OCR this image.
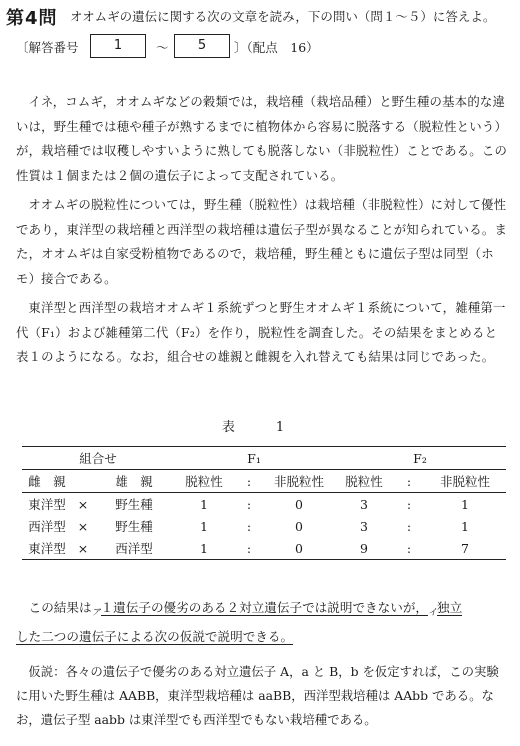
第4問 オオムギの遺伝に関する次の文章を読み，下の問い（問１～５）に答えよ。
〔解答番号	1	～	5	〕（配点　16）

イネ，コムギ，オオムギなどの穀類では，栽培種（栽培品種）と野生種の基本的な違いは，野生種では穂や種子が熟するまでに植物体から容易に脱落する（脱粒性という）が，栽培種では収穫しやすいように熟しても脱落しない（非脱粒性）ことである。この性質は１個または２個の遺伝子によって支配されている。

オオムギの脱粒性については，野生種（脱粒性）は栽培種（非脱粒性）に対して優性であり，東洋型の栽培種と西洋型の栽培種は遺伝子型が異なることが知られている。また，オオムギは自家受粉植物であるので，栽培種，野生種ともに遺伝子型は同型（ホモ）接合である。

東洋型と西洋型の栽培オオムギ１系統ずつと野生オオムギ１系統について，雑種第一代（F₁）および雑種第二代（F₂）を作り，脱粒性を調査した。その結果をまとめると表１のようになる。なお，組合せの雄親と雌親を入れ替えても結果は同じであった。

表　1
組合せ			F₁			F₂		
雌　親		雄　親	脱粒性	:	非脱粒性	脱粒性	:	非脱粒性
東洋型	×	野生種	1	:	0	3	:	1
西洋型	×	野生種	1	:	0	3	:	1
東洋型	×	西洋型	1	:	0	9	:	7
この結果は$_ア$１遺伝子の優劣のある２対立遺伝子では説明できないが，$_イ$独立
した二つの遺伝子による次の仮説で説明できる。

仮説：各々の遺伝子で優劣のある対立遺伝子 A，a と B，b を仮定すれば，この実験に用いた野生種は AABB，東洋型栽培種は aaBB，西洋型栽培種は AAbb である。なお，遺伝子型 aabb は東洋型でも西洋型でもない栽培種である。
